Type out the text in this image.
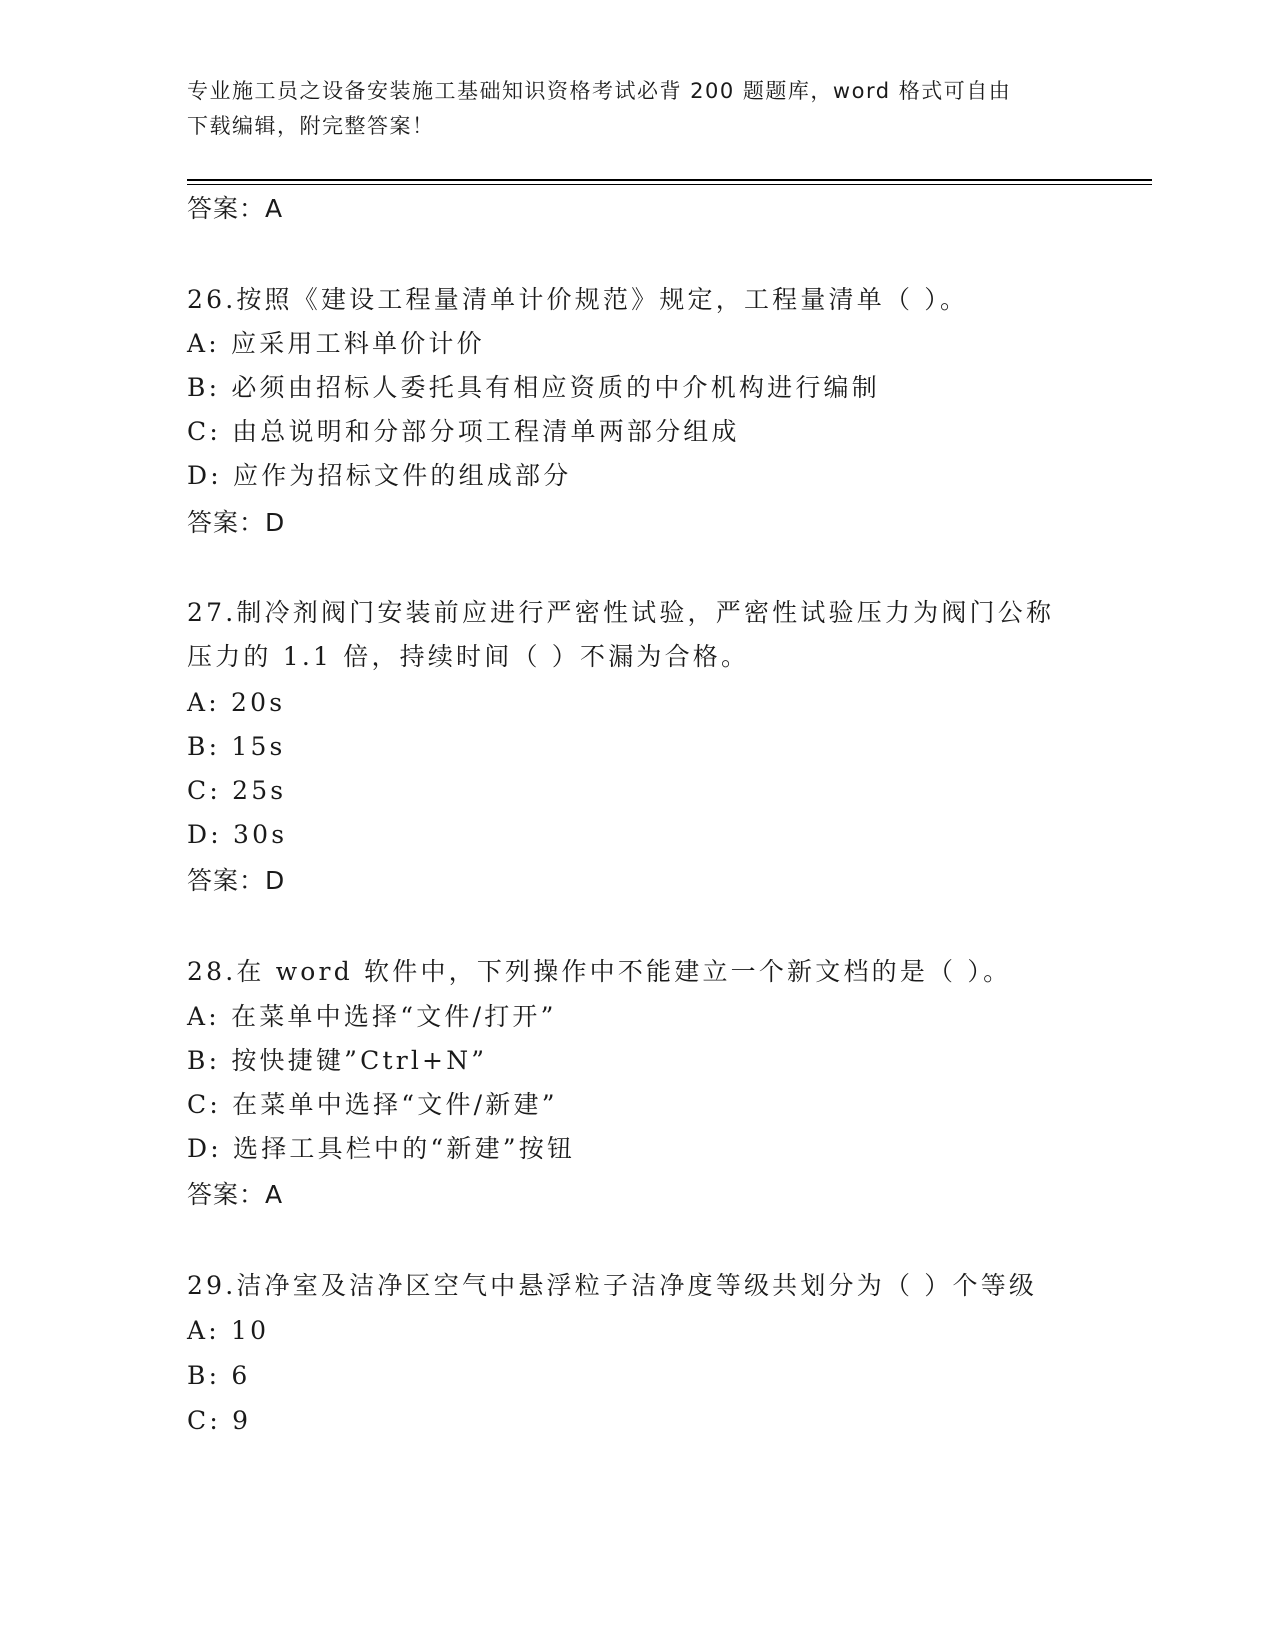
专业施工员之设备安装施工基础知识资格考试必背 200 题题库，word 格式可自由
下载编辑，附完整答案！
答案：A
26.按照《建设工程量清单计价规范》规定，工程量清单（ ）。
A: 应采用工料单价计价
B: 必须由招标人委托具有相应资质的中介机构进行编制
C: 由总说明和分部分项工程清单两部分组成
D: 应作为招标文件的组成部分
答案：D
27.制冷剂阀门安装前应进行严密性试验，严密性试验压力为阀门公称
压力的 1.1 倍，持续时间（ ）不漏为合格。
A: 20s
B: 15s
C: 25s
D: 30s
答案：D
28.在 word 软件中，下列操作中不能建立一个新文档的是（ ）。
A: 在菜单中选择“文件/打开”
B: 按快捷键”Ctrl+N”
C: 在菜单中选择“文件/新建”
D: 选择工具栏中的“新建”按钮
答案：A
29.洁净室及洁净区空气中悬浮粒子洁净度等级共划分为（ ）个等级
A: 10
B: 6
C: 9
